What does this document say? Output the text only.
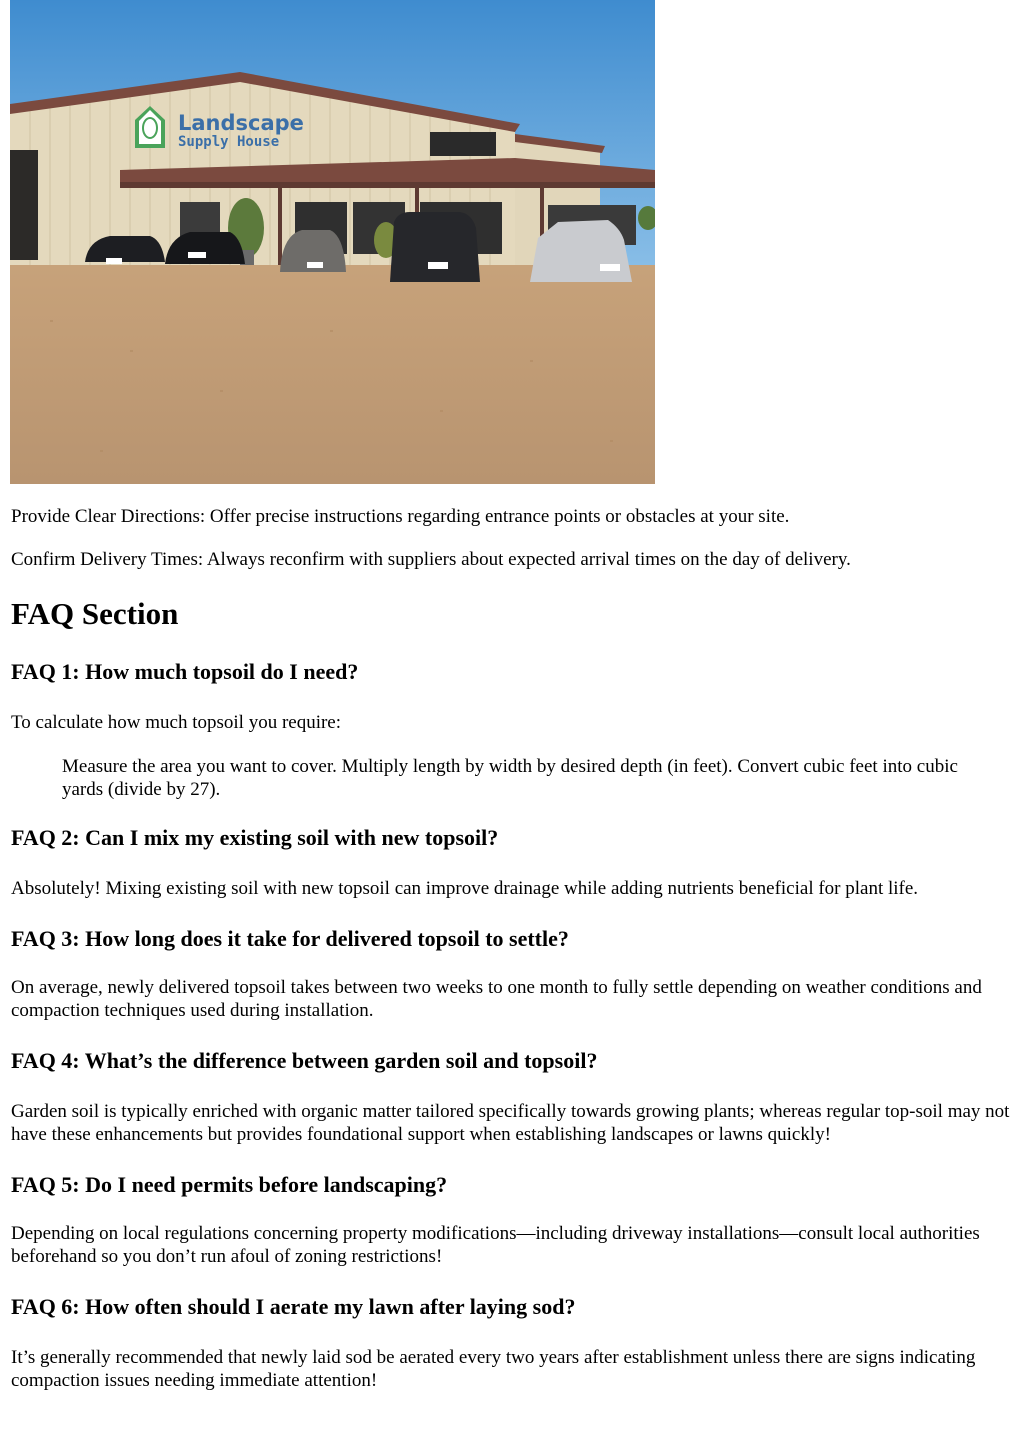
Landscape
Supply House

Provide Clear Directions: Offer precise instructions regarding entrance points or obstacles at your site.

Confirm Delivery Times: Always reconfirm with suppliers about expected arrival times on the day of delivery.

FAQ Section
FAQ 1: How much topsoil do I need?

To calculate how much topsoil you require:

Measure the area you want to cover. Multiply length by width by desired depth (in feet). Convert cubic feet into cubic yards (divide by 27).

FAQ 2: Can I mix my existing soil with new topsoil?

Absolutely! Mixing existing soil with new topsoil can improve drainage while adding nutrients beneficial for plant life.

FAQ 3: How long does it take for delivered topsoil to settle?

On average, newly delivered topsoil takes between two weeks to one month to fully settle depending on weather conditions and compaction techniques used during installation.

FAQ 4: What’s the difference between garden soil and topsoil?

Garden soil is typically enriched with organic matter tailored specifically towards growing plants; whereas regular top-soil may not have these enhancements but provides foundational support when establishing landscapes or lawns quickly!

FAQ 5: Do I need permits before landscaping?

Depending on local regulations concerning property modifications—including driveway installations—consult local authorities beforehand so you don’t run afoul of zoning restrictions!

FAQ 6: How often should I aerate my lawn after laying sod?

It’s generally recommended that newly laid sod be aerated every two years after establishment unless there are signs indicating compaction issues needing immediate attention!
